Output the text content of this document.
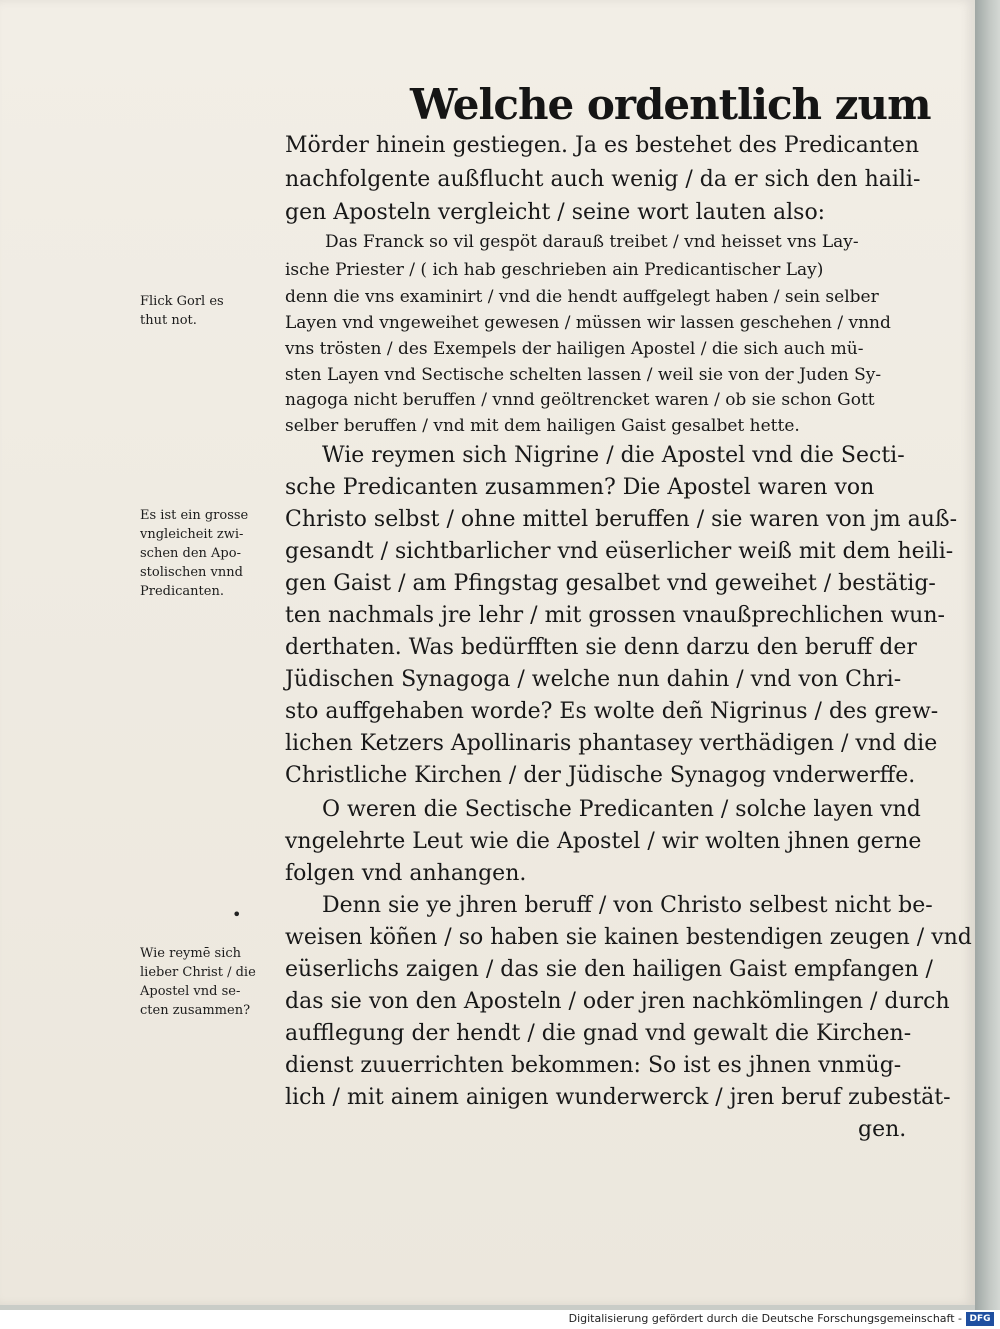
Welche ordentlich zum
Mörder hinein gestiegen. Ja es bestehet des Predicanten
nachfolgente außflucht auch wenig / da er sich den haili-
gen Aposteln vergleicht / seine wort lauten also:
Das Franck so vil gespöt darauß treibet / vnd heisset vns Lay-
ische Priester / ( ich hab geschrieben ain Predicantischer Lay)
denn die vns examinirt / vnd die hendt auffgelegt haben / sein selber
Layen vnd vngeweihet gewesen / müssen wir lassen geschehen / vnnd
vns trösten / des Exempels der hailigen Apostel / die sich auch mü-
sten Layen vnd Sectische schelten lassen / weil sie von der Juden Sy-
nagoga nicht beruffen / vnnd geöltrencket waren / ob sie schon Gott
selber beruffen / vnd mit dem hailigen Gaist gesalbet hette.
Wie reymen sich Nigrine / die Apostel vnd die Secti-
sche Predicanten zusammen? Die Apostel waren von
Christo selbst / ohne mittel beruffen / sie waren von jm auß-
gesandt / sichtbarlicher vnd eüserlicher weiß mit dem heili-
gen Gaist / am Pfingstag gesalbet vnd geweihet / bestätig-
ten nachmals jre lehr / mit grossen vnaußprechlichen wun-
derthaten. Was bedürfften sie denn darzu den beruff der
Jüdischen Synagoga / welche nun dahin / vnd von Chri-
sto auffgehaben worde? Es wolte deñ Nigrinus / des grew-
lichen Ketzers Apollinaris phantasey verthädigen / vnd die
Christliche Kirchen / der Jüdische Synagog vnderwerffe.
O weren die Sectische Predicanten / solche layen vnd
vngelehrte Leut wie die Apostel / wir wolten jhnen gerne
folgen vnd anhangen.
Denn sie ye jhren beruff / von Christo selbest nicht be-
weisen köñen / so haben sie kainen bestendigen zeugen / vnd
eüserlichs zaigen / das sie den hailigen Gaist empfangen /
das sie von den Aposteln / oder jren nachkömlingen / durch
aufflegung der hendt / die gnad vnd gewalt die Kirchen-
dienst zuuerrichten bekommen: So ist es jhnen vnmüg-
lich / mit ainem ainigen wunderwerck / jren beruf zubestät-
gen.
Flick Gorl es
thut not.
Es ist ein grosse
vngleicheit zwi-
schen den Apo-
stolischen vnnd
Predicanten.
•
Wie reymē sich
lieber Christ / die
Apostel vnd se-
cten zusammen?
Digitalisierung gefördert durch die Deutsche Forschungsgemeinschaft - DFG
